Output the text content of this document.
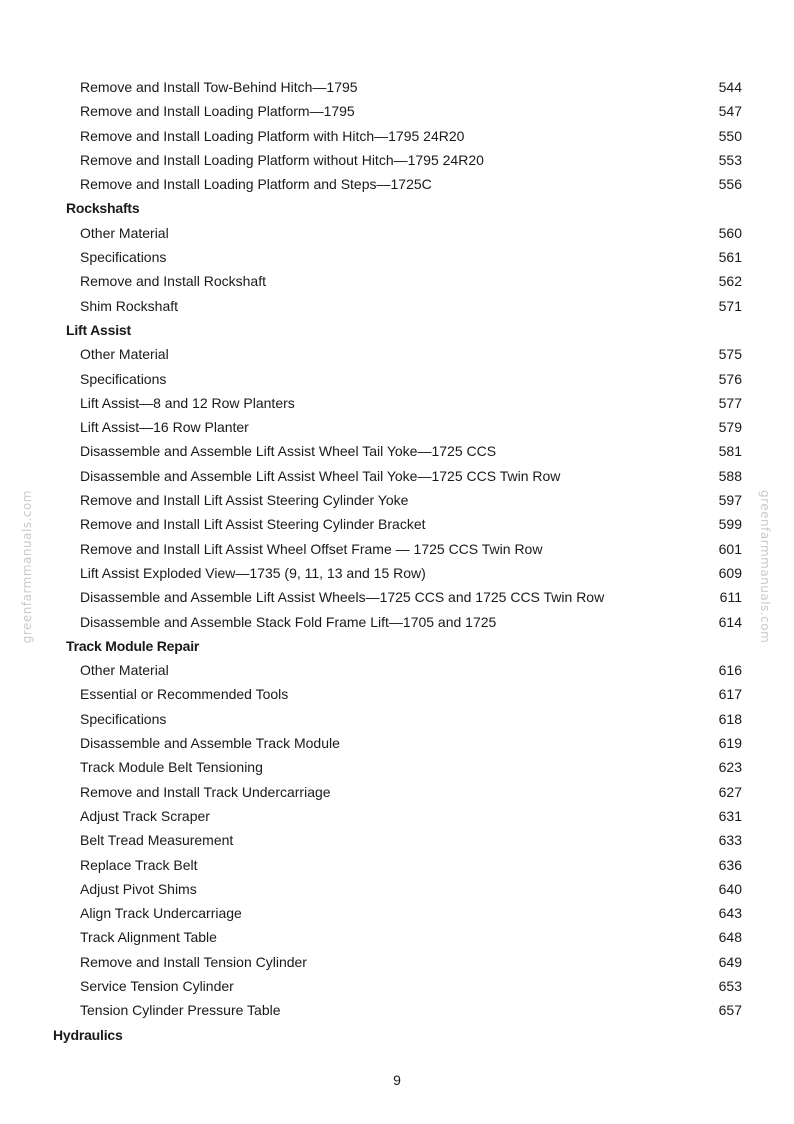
Remove and Install Tow-Behind Hitch—1795	544
Remove and Install Loading Platform—1795	547
Remove and Install Loading Platform with Hitch—1795 24R20	550
Remove and Install Loading Platform without Hitch—1795 24R20	553
Remove and Install Loading Platform and Steps—1725C	556
Rockshafts
Other Material	560
Specifications	561
Remove and Install Rockshaft	562
Shim Rockshaft	571
Lift Assist
Other Material	575
Specifications	576
Lift Assist—8 and 12 Row Planters	577
Lift Assist—16 Row Planter	579
Disassemble and Assemble Lift Assist Wheel Tail Yoke—1725 CCS	581
Disassemble and Assemble Lift Assist Wheel Tail Yoke—1725 CCS Twin Row	588
Remove and Install Lift Assist Steering Cylinder Yoke	597
Remove and Install Lift Assist Steering Cylinder Bracket	599
Remove and Install Lift Assist Wheel Offset Frame — 1725 CCS Twin Row	601
Lift Assist Exploded View—1735 (9, 11, 13 and 15 Row)	609
Disassemble and Assemble Lift Assist Wheels—1725 CCS and 1725 CCS Twin Row	611
Disassemble and Assemble Stack Fold Frame Lift—1705 and 1725	614
Track Module Repair
Other Material	616
Essential or Recommended Tools	617
Specifications	618
Disassemble and Assemble Track Module	619
Track Module Belt Tensioning	623
Remove and Install Track Undercarriage	627
Adjust Track Scraper	631
Belt Tread Measurement	633
Replace Track Belt	636
Adjust Pivot Shims	640
Align Track Undercarriage	643
Track Alignment Table	648
Remove and Install Tension Cylinder	649
Service Tension Cylinder	653
Tension Cylinder Pressure Table	657
Hydraulics
greenfarmmanuals.com	greenfarmmanuals.com
9
